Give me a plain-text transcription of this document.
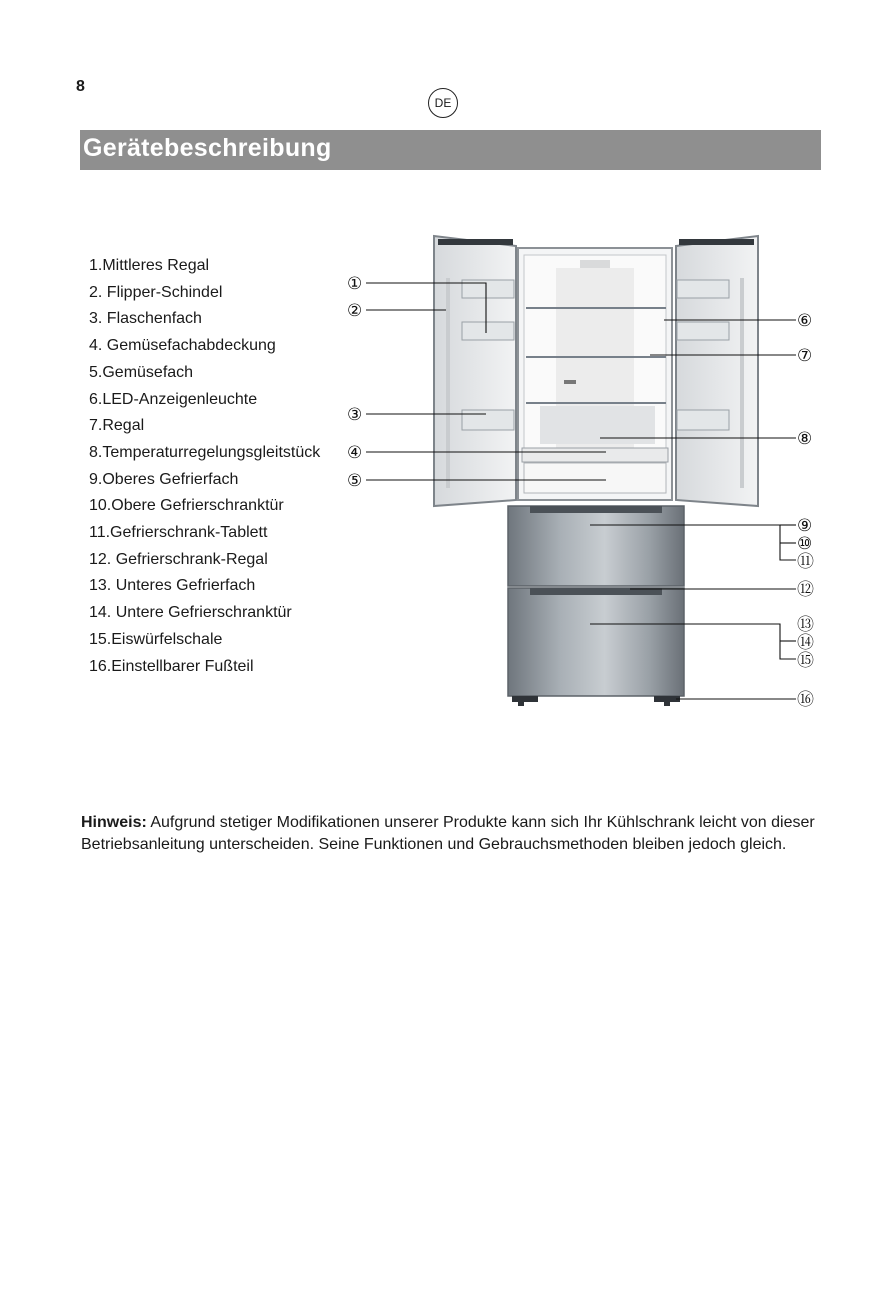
8
DE
Gerätebeschreibung
1.Mittleres Regal
2. Flipper-Schindel
3. Flaschenfach
4. Gemüsefachabdeckung
5.Gemüsefach
6.LED-Anzeigenleuchte
7.Regal
8.Temperaturregelungsgleitstück
9.Oberes Gefrierfach
10.Obere Gefrierschranktür
11.Gefrierschrank-Tablett
12. Gefrierschrank-Regal
13. Unteres Gefrierfach
14. Untere Gefrierschranktür
15.Eiswürfelschale
16.Einstellbarer Fußteil
①
②
③
④
⑤
⑥
⑦
⑧
⑨
⑩
⑪
⑫
⑬
⑭
⑮
⑯

Hinweis: Aufgrund stetiger Modifikationen unserer Produkte kann sich Ihr Kühlschrank leicht von dieser Betriebsanleitung unterscheiden. Seine Funktionen und Gebrauchsmethoden bleiben jedoch gleich.
